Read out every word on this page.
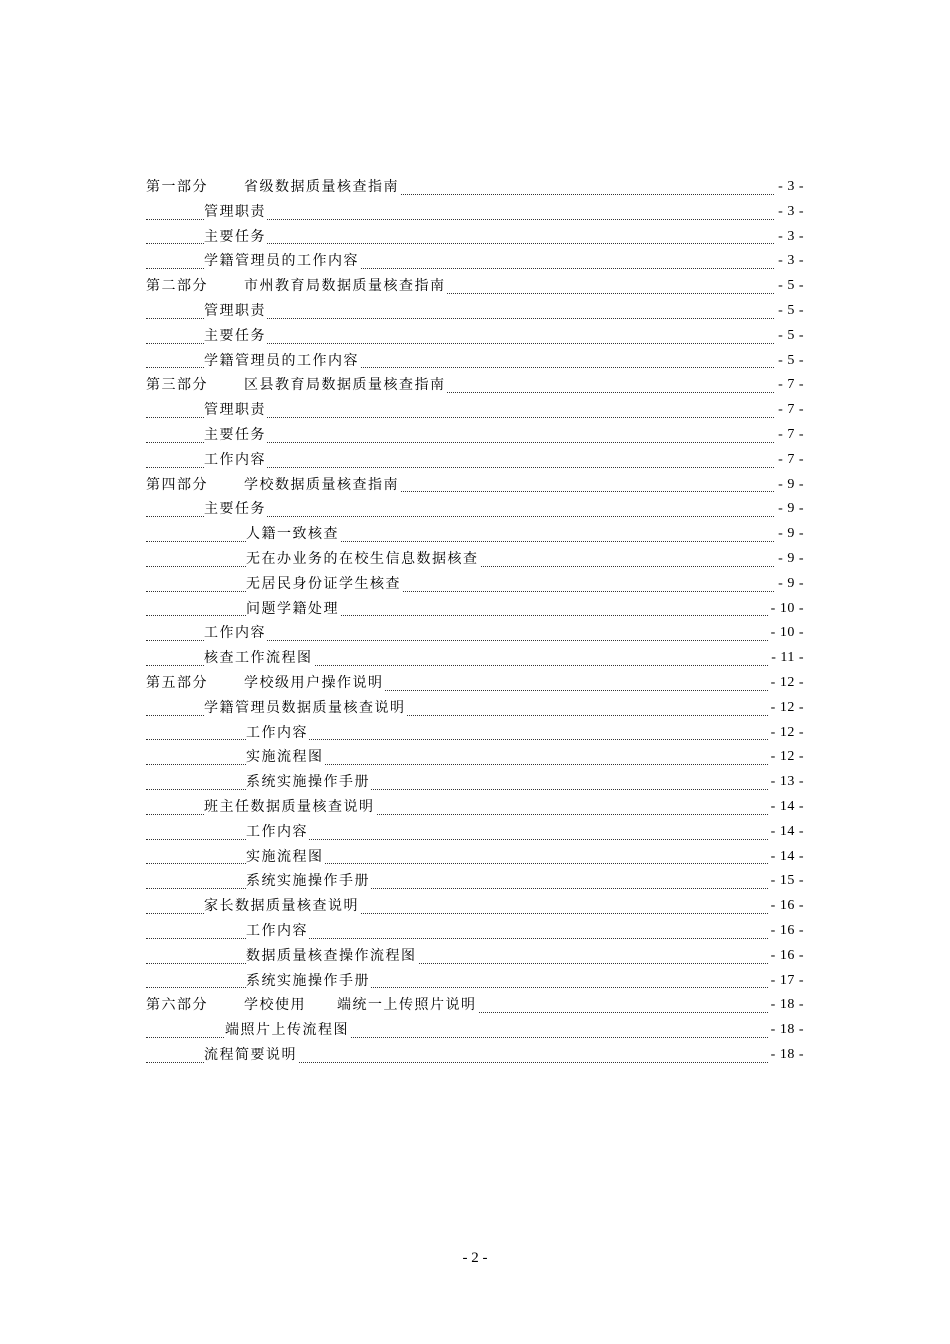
第一部分	省级数据质量核查指南	- 3 -
管理职责	- 3 -
主要任务	- 3 -
学籍管理员的工作内容	- 3 -
第二部分	市州教育局数据质量核查指南	- 5 -
管理职责	- 5 -
主要任务	- 5 -
学籍管理员的工作内容	- 5 -
第三部分	区县教育局数据质量核查指南	- 7 -
管理职责	- 7 -
主要任务	- 7 -
工作内容	- 7 -
第四部分	学校数据质量核查指南	- 9 -
主要任务	- 9 -
人籍一致核查	- 9 -
无在办业务的在校生信息数据核查	- 9 -
无居民身份证学生核查	- 9 -
问题学籍处理	- 10 -
工作内容	- 10 -
核查工作流程图	- 11 -
第五部分	学校级用户操作说明	- 12 -
学籍管理员数据质量核查说明	- 12 -
工作内容	- 12 -
实施流程图	- 12 -
系统实施操作手册	- 13 -
班主任数据质量核查说明	- 14 -
工作内容	- 14 -
实施流程图	- 14 -
系统实施操作手册	- 15 -
家长数据质量核查说明	- 16 -
工作内容	- 16 -
数据质量核查操作流程图	- 16 -
系统实施操作手册	- 17 -
第六部分	学校使用　　端统一上传照片说明	- 18 -
端照片上传流程图	- 18 -
流程简要说明	- 18 -
- 2 -
